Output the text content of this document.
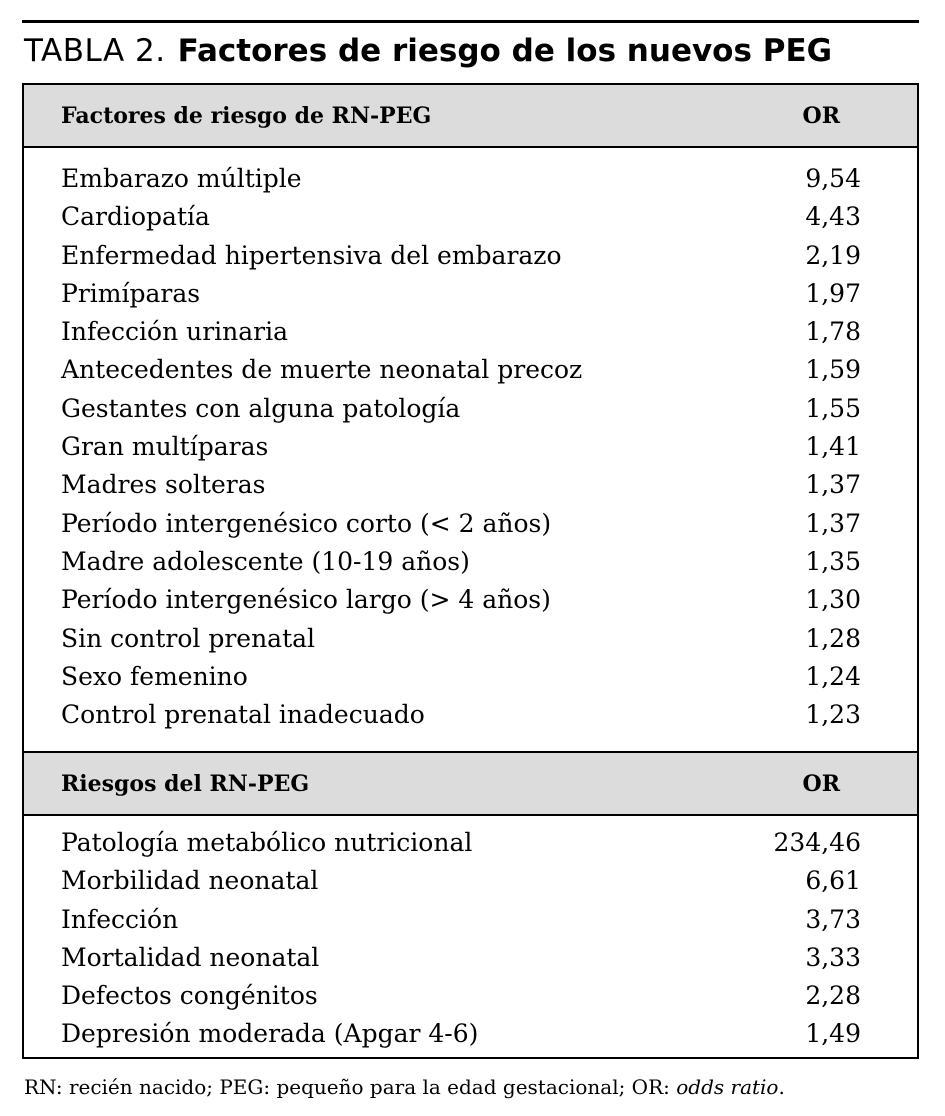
TABLA 2. Factores de riesgo de los nuevos PEG
Factores de riesgo de RN-PEG	OR
Embarazo múltiple	9,54
Cardiopatía	4,43
Enfermedad hipertensiva del embarazo	2,19
Primíparas	1,97
Infección urinaria	1,78
Antecedentes de muerte neonatal precoz	1,59
Gestantes con alguna patología	1,55
Gran multíparas	1,41
Madres solteras	1,37
Período intergenésico corto (< 2 años)	1,37
Madre adolescente (10-19 años)	1,35
Período intergenésico largo (> 4 años)	1,30
Sin control prenatal	1,28
Sexo femenino	1,24
Control prenatal inadecuado	1,23
Riesgos del RN-PEG	OR
Patología metabólico nutricional	234,46
Morbilidad neonatal	6,61
Infección	3,73
Mortalidad neonatal	3,33
Defectos congénitos	2,28
Depresión moderada (Apgar 4-6)	1,49
RN: recién nacido; PEG: pequeño para la edad gestacional; OR: odds ratio.
